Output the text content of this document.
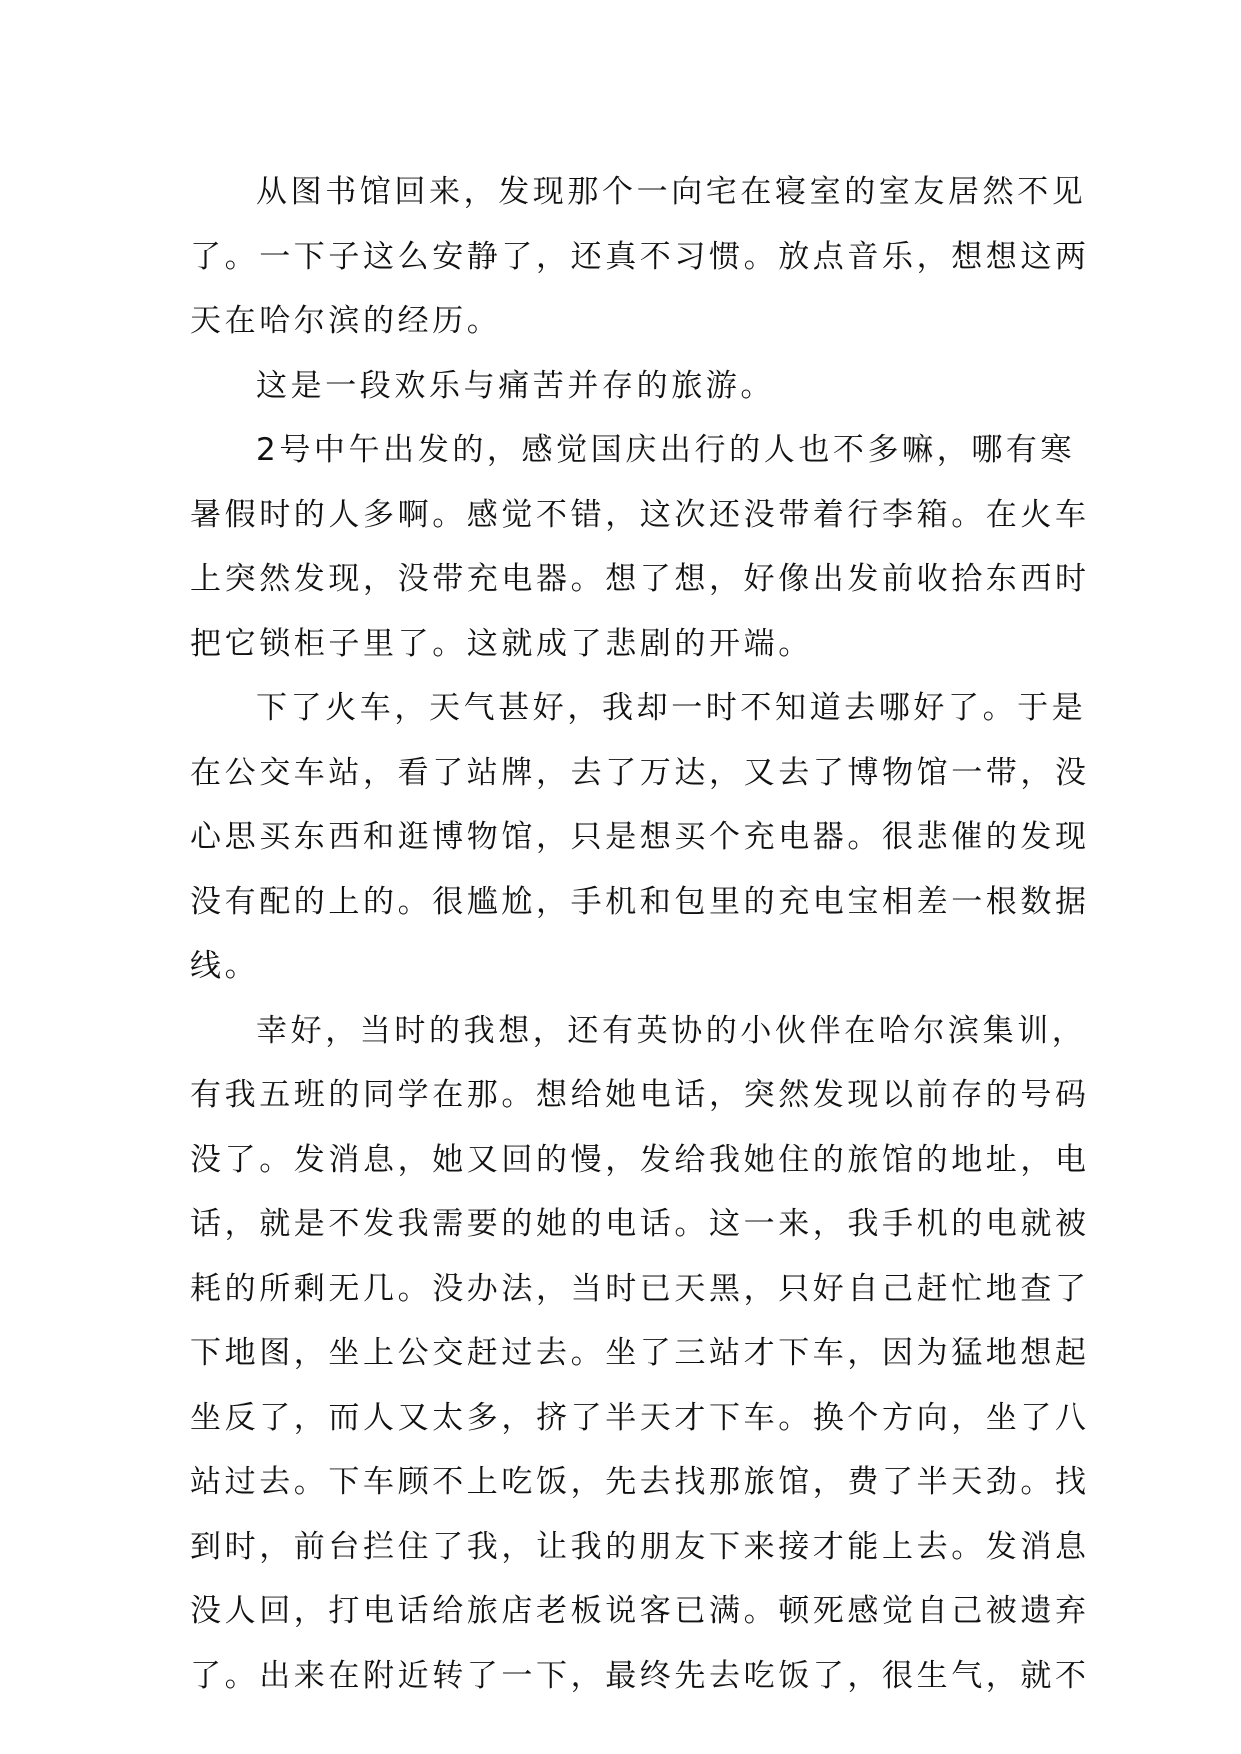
从图书馆回来，发现那个一向宅在寝室的室友居然不见
了。一下子这么安静了，还真不习惯。放点音乐，想想这两
天在哈尔滨的经历。
这是一段欢乐与痛苦并存的旅游。
2号中午出发的，感觉国庆出行的人也不多嘛，哪有寒
暑假时的人多啊。感觉不错，这次还没带着行李箱。在火车
上突然发现，没带充电器。想了想，好像出发前收拾东西时
把它锁柜子里了。这就成了悲剧的开端。
下了火车，天气甚好，我却一时不知道去哪好了。于是
在公交车站，看了站牌，去了万达，又去了博物馆一带，没
心思买东西和逛博物馆，只是想买个充电器。很悲催的发现
没有配的上的。很尴尬，手机和包里的充电宝相差一根数据
线。
幸好，当时的我想，还有英协的小伙伴在哈尔滨集训，
有我五班的同学在那。想给她电话，突然发现以前存的号码
没了。发消息，她又回的慢，发给我她住的旅馆的地址，电
话，就是不发我需要的她的电话。这一来，我手机的电就被
耗的所剩无几。没办法，当时已天黑，只好自己赶忙地查了
下地图，坐上公交赶过去。坐了三站才下车，因为猛地想起
坐反了，而人又太多，挤了半天才下车。换个方向，坐了八
站过去。下车顾不上吃饭，先去找那旅馆，费了半天劲。找
到时，前台拦住了我，让我的朋友下来接才能上去。发消息
没人回，打电话给旅店老板说客已满。顿死感觉自己被遗弃
了。出来在附近转了一下，最终先去吃饭了，很生气，就不
